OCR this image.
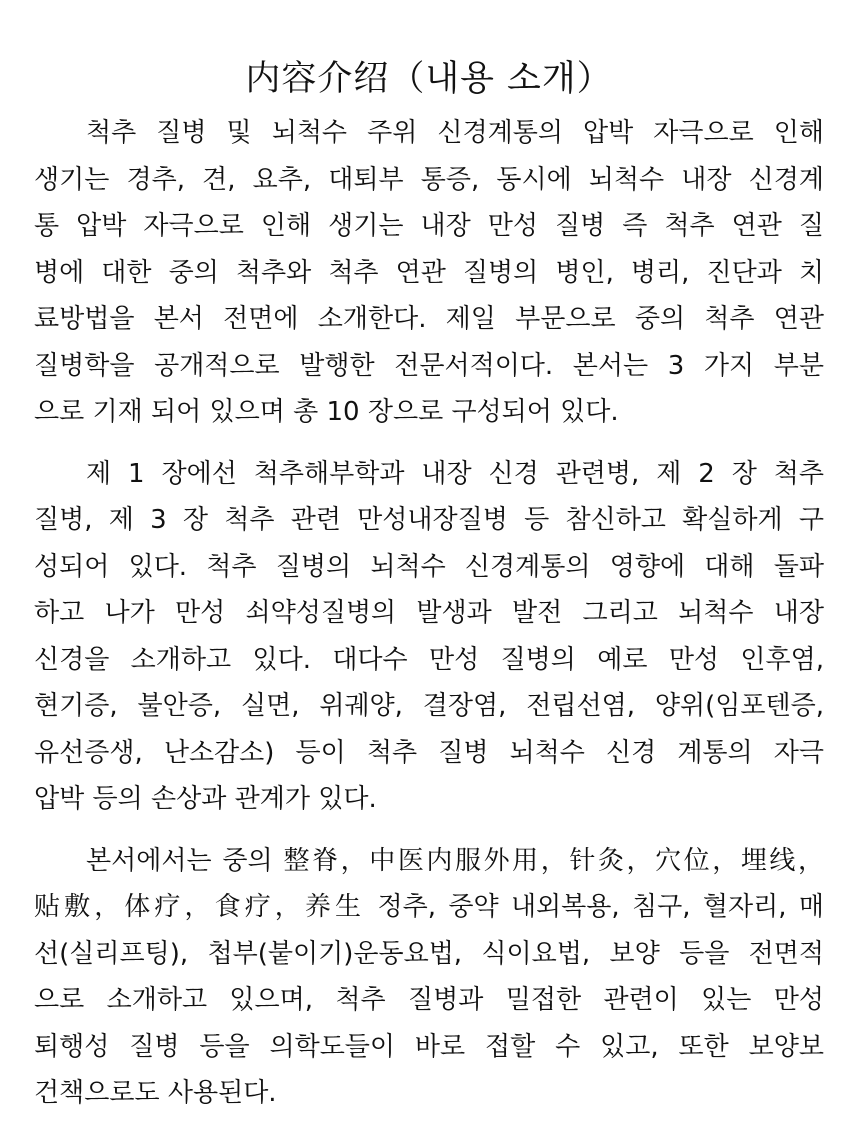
内容介绍（내용 소개）
척추 질병 및 뇌척수 주위 신경계통의 압박 자극으로 인해
생기는 경추, 견, 요추, 대퇴부 통증, 동시에 뇌척수 내장 신경계
통 압박 자극으로 인해 생기는 내장 만성 질병 즉 척추 연관 질
병에 대한 중의 척추와 척추 연관 질병의 병인, 병리, 진단과 치
료방법을 본서 전면에 소개한다. 제일 부문으로 중의 척추 연관
질병학을 공개적으로 발행한 전문서적이다. 본서는 3 가지 부분
으로 기재 되어 있으며 총 10 장으로 구성되어 있다.
제 1 장에선 척추해부학과 내장 신경 관련병, 제 2 장 척추
질병, 제 3 장 척추 관련 만성내장질병 등 참신하고 확실하게 구
성되어 있다. 척추 질병의 뇌척수 신경계통의 영향에 대해 돌파
하고 나가 만성 쇠약성질병의 발생과 발전 그리고 뇌척수 내장
신경을 소개하고 있다. 대다수 만성 질병의 예로 만성 인후염,
현기증, 불안증, 실면, 위궤양, 결장염, 전립선염, 양위(임포텐증,
유선증생, 난소감소) 등이 척추 질병 뇌척수 신경 계통의 자극
압박 등의 손상과 관계가 있다.
본서에서는 중의 整脊，中医内服外用，针灸，穴位，埋线，
贴敷，体疗，食疗，养生 정추, 중약 내외복용, 침구, 혈자리, 매
선(실리프팅), 첩부(붙이기)운동요법, 식이요법, 보양 등을 전면적
으로 소개하고 있으며, 척추 질병과 밀접한 관련이 있는 만성
퇴행성 질병 등을 의학도들이 바로 접할 수 있고, 또한 보양보
건책으로도 사용된다.
